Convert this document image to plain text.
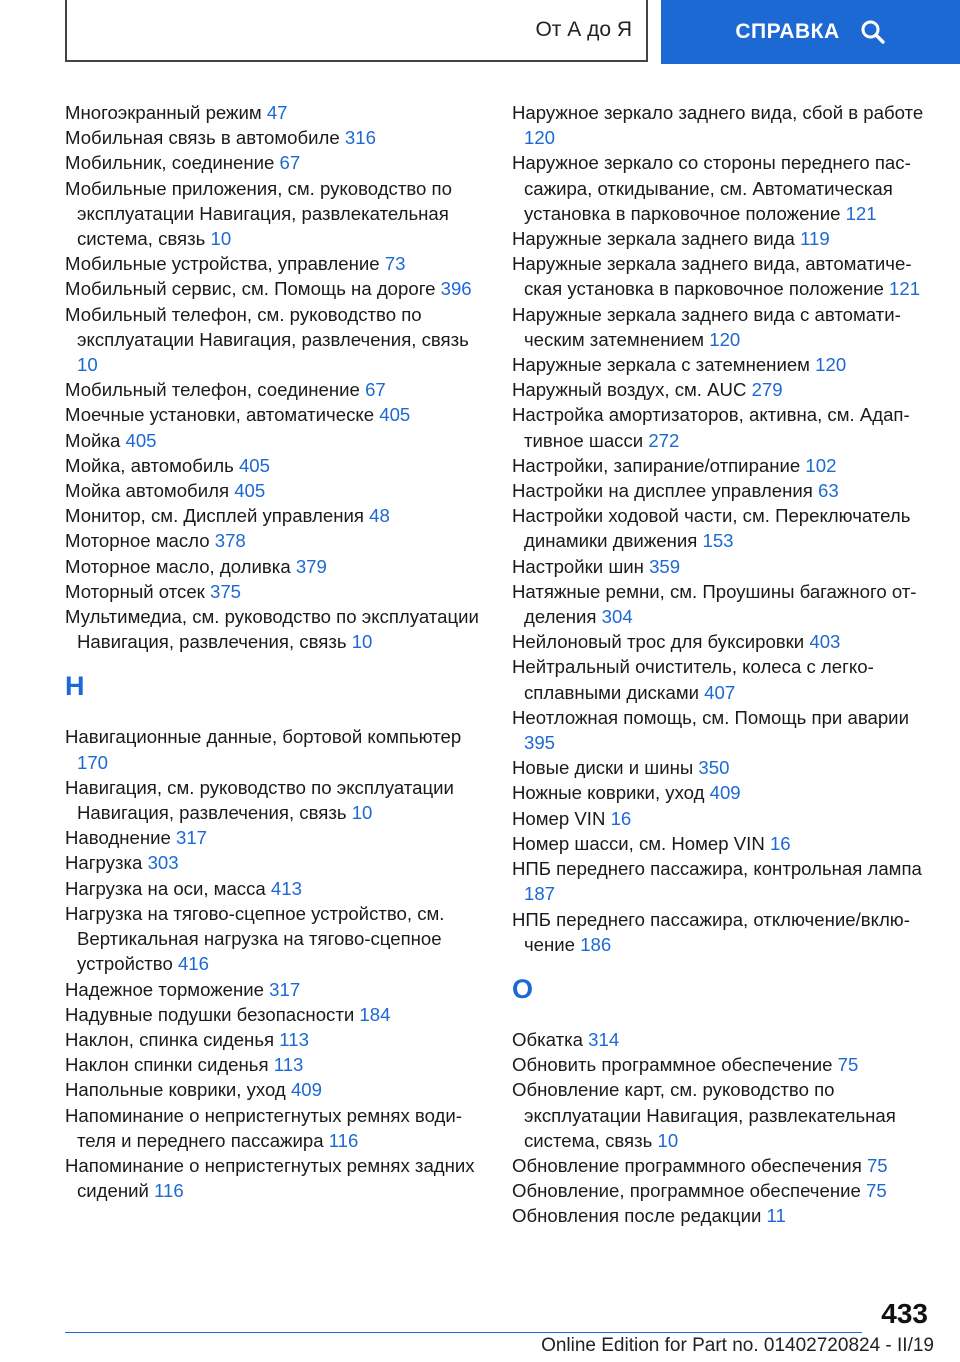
От А до Я	СПРАВКА
Многоэкранный режим 47
Мобильная связь в автомобиле 316
Мобильник, соединение 67
Мобильные приложения, см. руководство по эксплуатации Навигация, развлекательная система, связь 10
Мобильные устройства, управление 73
Мобильный сервис, см. Помощь на дороге 396
Мобильный телефон, см. руководство по эксплуатации Навигация, развлечения, связь 10
Мобильный телефон, соединение 67
Моечные установки, автоматическе 405
Мойка 405
Мойка, автомобиль 405
Мойка автомобиля 405
Монитор, см. Дисплей управления 48
Моторное масло 378
Моторное масло, доливка 379
Моторный отсек 375
Мультимедиа, см. руководство по эксплуатации Навигация, развлечения, связь 10
Н
Навигационные данные, бортовой компьютер 170
Навигация, см. руководство по эксплуатации Навигация, развлечения, связь 10
Наводнение 317
Нагрузка 303
Нагрузка на оси, масса 413
Нагрузка на тягово-сцепное устройство, см. Вертикальная нагрузка на тягово-сцепное устройство 416
Надежное торможение 317
Надувные подушки безопасности 184
Наклон, спинка сиденья 113
Наклон спинки сиденья 113
Напольные коврики, уход 409
Напоминание о непристегнутых ремнях водителя и переднего пассажира 116
Напоминание о непристегнутых ремнях задних сидений 116
Наружное зеркало заднего вида, сбой в работе 120
Наружное зеркало со стороны переднего пассажира, откидывание, см. Автоматическая установка в парковочное положение 121
Наружные зеркала заднего вида 119
Наружные зеркала заднего вида, автоматическая установка в парковочное положение 121
Наружные зеркала заднего вида с автоматическим затемнением 120
Наружные зеркала с затемнением 120
Наружный воздух, см. AUC 279
Настройка амортизаторов, активна, см. Адаптивное шасси 272
Настройки, запирание/отпирание 102
Настройки на дисплее управления 63
Настройки ходовой части, см. Переключатель динамики движения 153
Настройки шин 359
Натяжные ремни, см. Проушины багажного отделения 304
Нейлоновый трос для буксировки 403
Нейтральный очиститель, колеса с легкосплавными дисками 407
Неотложная помощь, см. Помощь при аварии 395
Новые диски и шины 350
Ножные коврики, уход 409
Номер VIN 16
Номер шасси, см. Номер VIN 16
НПБ переднего пассажира, контрольная лампа 187
НПБ переднего пассажира, отключение/включение 186
О
Обкатка 314
Обновить программное обеспечение 75
Обновление карт, см. руководство по эксплуатации Навигация, развлекательная система, связь 10
Обновление программного обеспечения 75
Обновление, программное обеспечение 75
Обновления после редакции 11
433
Online Edition for Part no. 01402720824 - II/19
